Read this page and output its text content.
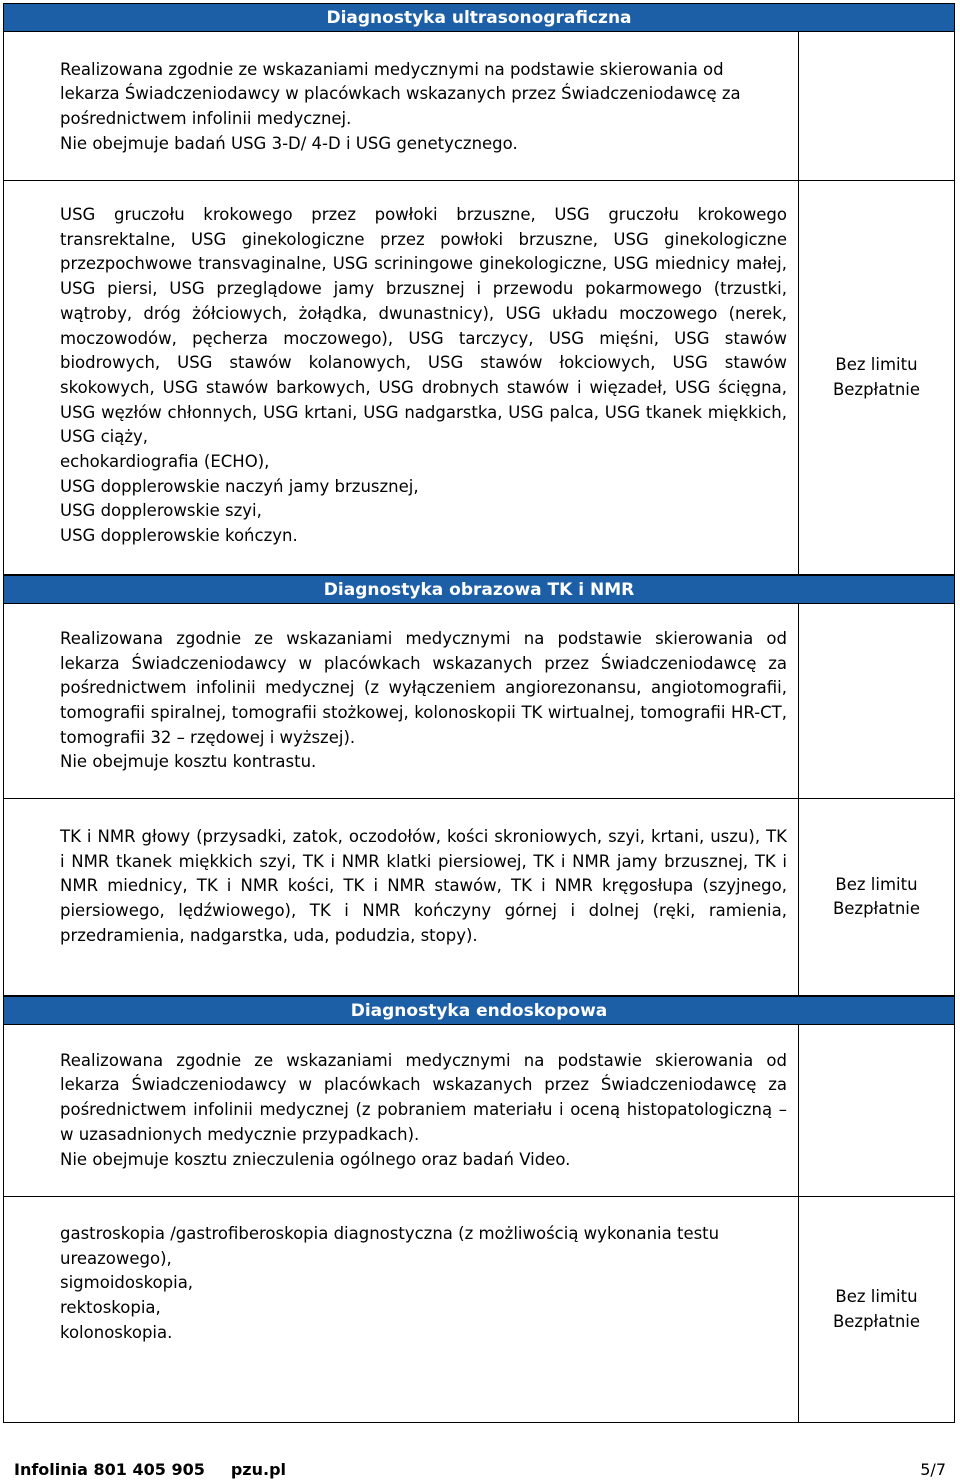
Diagnostyka ultrasonograficzna
Realizowana zgodnie ze wskazaniami medycznymi na podstawie skierowania od lekarza Świadczeniodawcy w placówkach wskazanych przez Świadczeniodawcę za pośrednictwem infolinii medycznej.
Nie obejmuje badań USG 3-D/ 4-D i USG genetycznego.
USG gruczołu krokowego przez powłoki brzuszne, USG gruczołu krokowego transrektalne, USG ginekologiczne przez powłoki brzuszne, USG ginekologiczne przezpochwowe transvaginalne, USG scriningowe ginekologiczne, USG miednicy małej, USG piersi, USG przeglądowe jamy brzusznej i przewodu pokarmowego (trzustki, wątroby, dróg żółciowych, żołądka, dwunastnicy), USG układu moczowego (nerek, moczowodów, pęcherza moczowego), USG tarczycy, USG mięśni, USG stawów biodrowych, USG stawów kolanowych, USG stawów łokciowych, USG stawów skokowych, USG stawów barkowych, USG drobnych stawów i więzadeł, USG ścięgna, USG węzłów chłonnych, USG krtani, USG nadgarstka, USG palca, USG tkanek miękkich, USG ciąży,
echokardiografia (ECHO),
USG dopplerowskie naczyń jamy brzusznej,
USG dopplerowskie szyi,
USG dopplerowskie kończyn.
Bez limitu
Bezpłatnie
Diagnostyka obrazowa TK i NMR
Realizowana zgodnie ze wskazaniami medycznymi na podstawie skierowania od lekarza Świadczeniodawcy w placówkach wskazanych przez Świadczeniodawcę za pośrednictwem infolinii medycznej (z wyłączeniem angiorezonansu, angiotomografii, tomografii spiralnej, tomografii stożkowej, kolonoskopii TK wirtualnej, tomografii HR-CT, tomografii 32 – rzędowej i wyższej).
Nie obejmuje kosztu kontrastu.
TK i NMR głowy (przysadki, zatok, oczodołów, kości skroniowych, szyi, krtani, uszu), TK i NMR tkanek miękkich szyi, TK i NMR klatki piersiowej, TK i NMR jamy brzusznej, TK i NMR miednicy, TK i NMR kości, TK i NMR stawów, TK i NMR kręgosłupa (szyjnego, piersiowego, lędźwiowego), TK i NMR kończyny górnej i dolnej (ręki, ramienia, przedramienia, nadgarstka, uda, podudzia, stopy).
Bez limitu
Bezpłatnie
Diagnostyka endoskopowa
Realizowana zgodnie ze wskazaniami medycznymi na podstawie skierowania od lekarza Świadczeniodawcy w placówkach wskazanych przez Świadczeniodawcę za pośrednictwem infolinii medycznej (z pobraniem materiału i oceną histopatologiczną – w uzasadnionych medycznie przypadkach).
Nie obejmuje kosztu znieczulenia ogólnego oraz badań Video.
gastroskopia /gastrofiberoskopia diagnostyczna (z możliwością wykonania testu ureazowego),
sigmoidoskopia,
rektoskopia,
kolonoskopia.
Bez limitu
Bezpłatnie
Infolinia 801 405 905 pzu.pl	5/7
